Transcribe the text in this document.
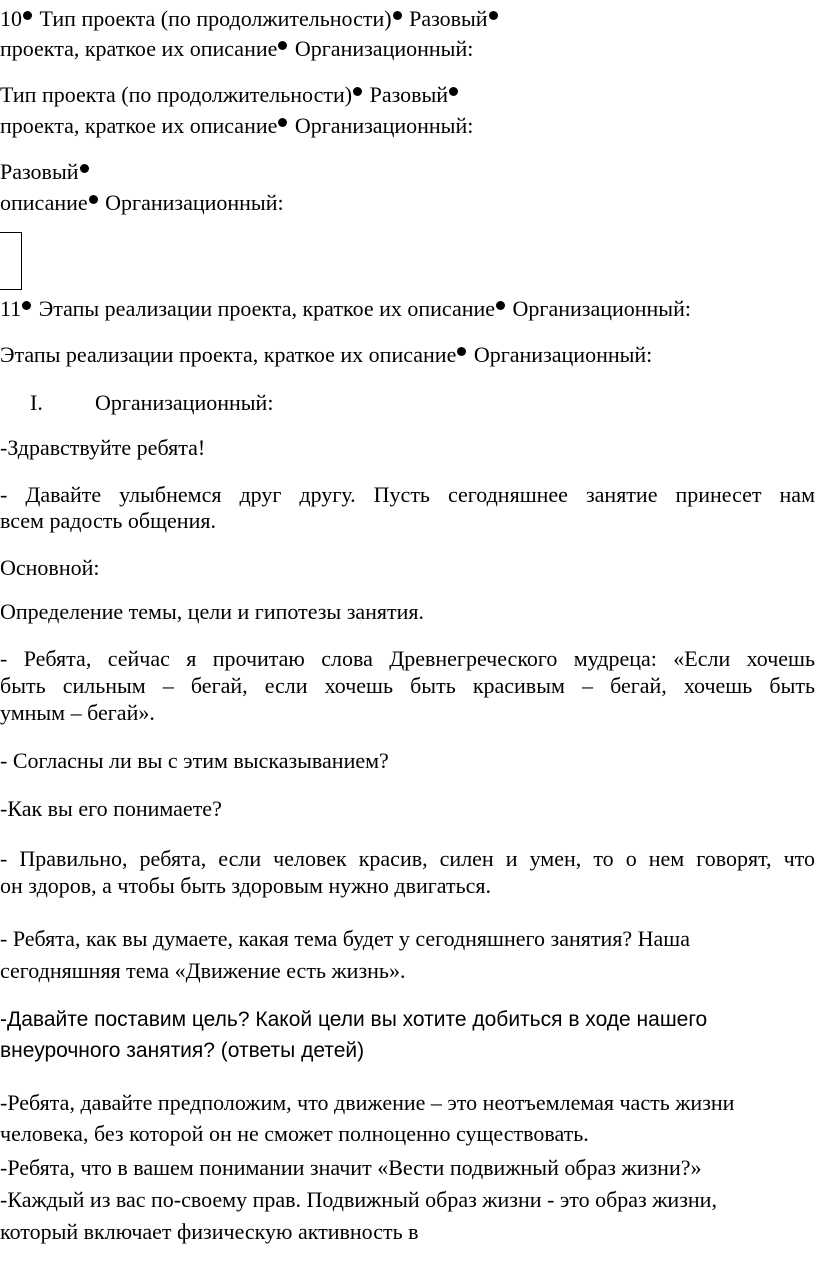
10 Тип проекта (по продолжительности) Разовый
проекта, краткое их описание Организационный:
Тип проекта (по продолжительности) Разовый
проекта, краткое их описание Организационный:
Разовый
описание Организационный:
11 Этапы реализации проекта, краткое их описание Организационный:
Этапы реализации проекта, краткое их описание Организационный:
I. Организационный:
-Здравствуйте ребята!
- Давайте улыбнемся друг другу. Пусть сегодняшнее занятие принесет нам
всем радость общения.
Основной:
Определение темы, цели и гипотезы занятия.
- Ребята, сейчас я прочитаю слова Древнегреческого мудреца: «Если хочешь
быть сильным – бегай, если хочешь быть красивым – бегай, хочешь быть
умным – бегай».
- Согласны ли вы с этим высказыванием?
-Как вы его понимаете?
- Правильно, ребята, если человек красив, силен и умен, то о нем говорят, что
он здоров, а чтобы быть здоровым нужно двигаться.
- Ребята, как вы думаете, какая тема будет у сегодняшнего занятия? Наша
сегодняшняя тема «Движение есть жизнь».
-Давайте поставим цель? Какой цели вы хотите добиться в ходе нашего
внеурочного занятия? (ответы детей)
-Ребята, давайте предположим, что движение – это неотъемлемая часть жизни
человека, без которой он не сможет полноценно существовать.
-Ребята, что в вашем понимании значит «Вести подвижный образ жизни?»
-Каждый из вас по-своему прав. Подвижный образ жизни - это образ жизни,
который включает физическую активность в
